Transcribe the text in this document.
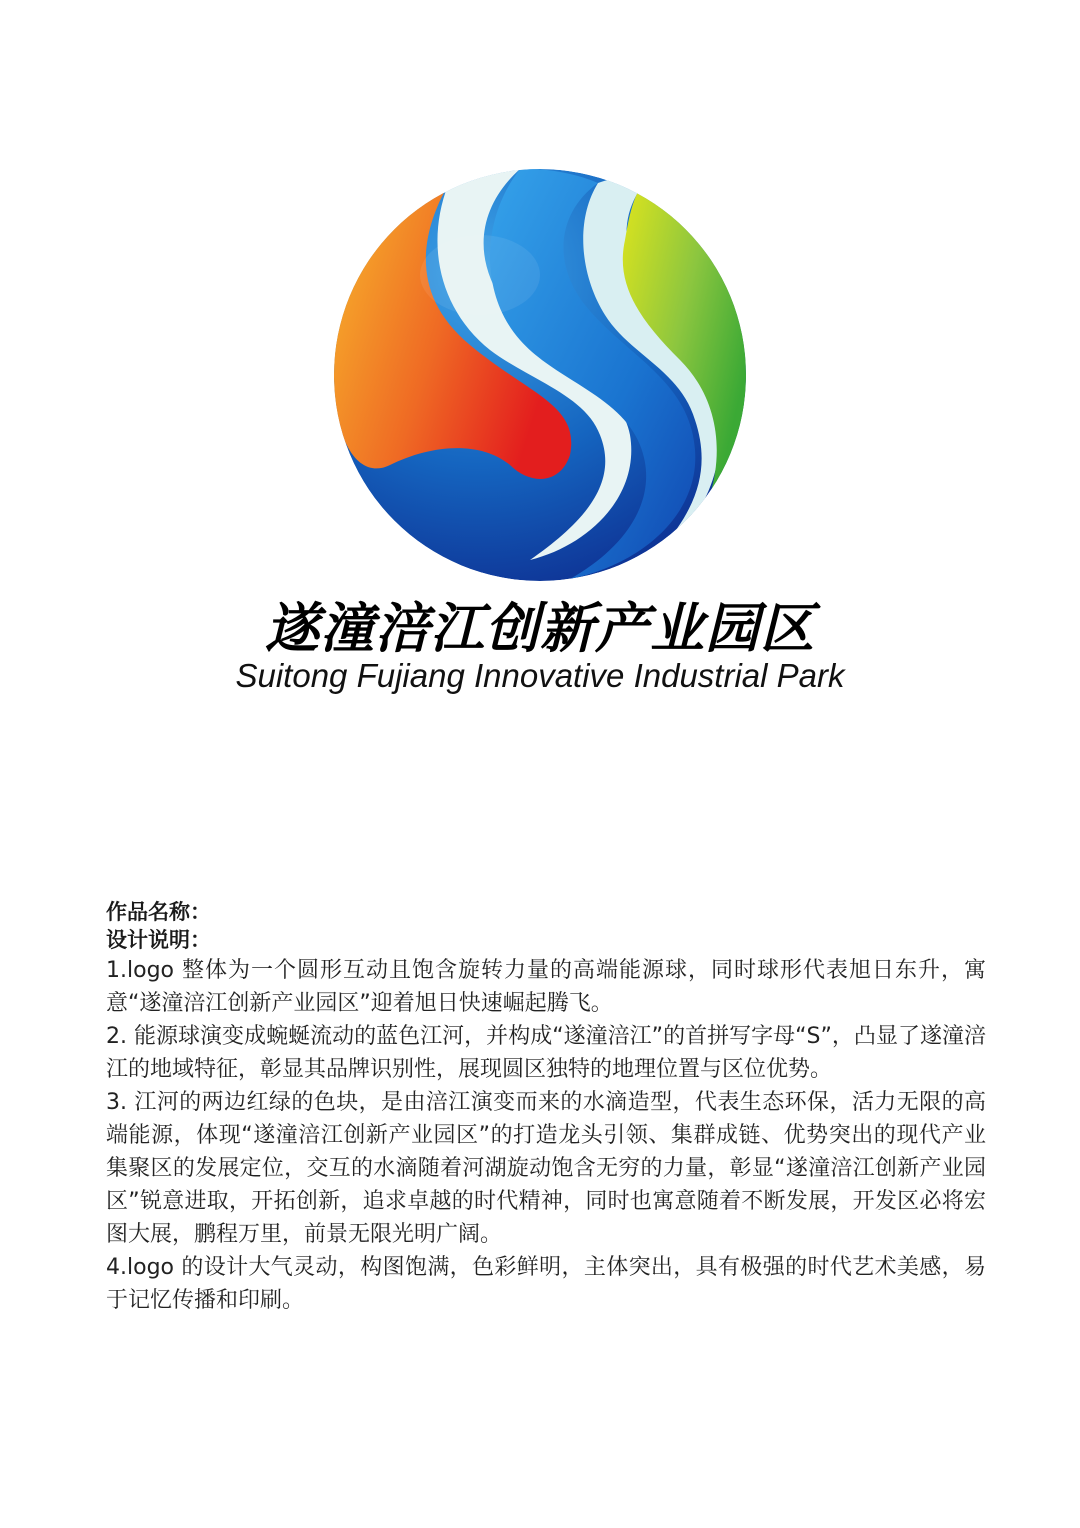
遂潼涪江创新产业园区
Suitong Fujiang Innovative Industrial Park

作品名称：

设计说明：

1.logo 整体为一个圆形互动且饱含旋转力量的高端能源球，同时球形代表旭日东升，寓意“遂潼涪江创新产业园区”迎着旭日快速崛起腾飞。

2. 能源球演变成蜿蜒流动的蓝色江河，并构成“遂潼涪江”的首拼写字母“S”，凸显了遂潼涪江的地域特征，彰显其品牌识别性，展现圆区独特的地理位置与区位优势。

3. 江河的两边红绿的色块，是由涪江演变而来的水滴造型，代表生态环保，活力无限的高端能源，体现“遂潼涪江创新产业园区”的打造龙头引领、集群成链、优势突出的现代产业集聚区的发展定位，交互的水滴随着河湖旋动饱含无穷的力量，彰显“遂潼涪江创新产业园区”锐意进取，开拓创新，追求卓越的时代精神，同时也寓意随着不断发展，开发区必将宏图大展，鹏程万里，前景无限光明广阔。

4.logo 的设计大气灵动，构图饱满，色彩鲜明，主体突出，具有极强的时代艺术美感，易于记忆传播和印刷。
